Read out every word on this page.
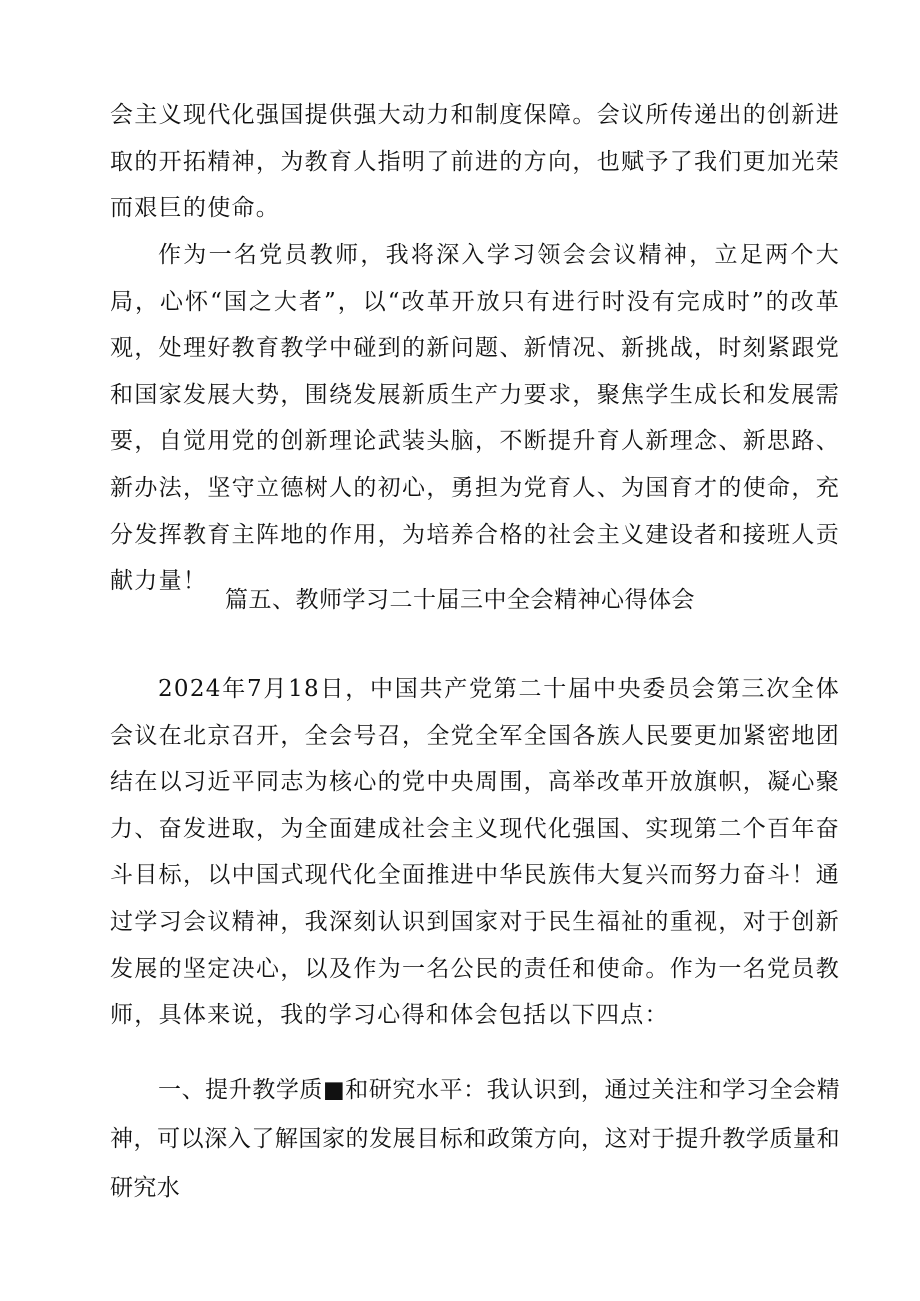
会主义现代化强国提供强大动力和制度保障。会议所传递出的创新进取的开拓精神，为教育人指明了前进的方向，也赋予了我们更加光荣而艰巨的使命。

作为一名党员教师，我将深入学习领会会议精神，立足两个大局，心怀“国之大者”，以“改革开放只有进行时没有完成时”的改革观，处理好教育教学中碰到的新问题、新情况、新挑战，时刻紧跟党和国家发展大势，围绕发展新质生产力要求，聚焦学生成长和发展需要，自觉用党的创新理论武装头脑，不断提升育人新理念、新思路、新办法，坚守立德树人的初心，勇担为党育人、为国育才的使命，充分发挥教育主阵地的作用，为培养合格的社会主义建设者和接班人贡献力量！

篇五、教师学习二十届三中全会精神心得体会

2024年7月18日，中国共产党第二十届中央委员会第三次全体会议在北京召开，全会号召，全党全军全国各族人民要更加紧密地团结在以习近平同志为核心的党中央周围，高举改革开放旗帜，凝心聚力、奋发进取，为全面建成社会主义现代化强国、实现第二个百年奋斗目标，以中国式现代化全面推进中华民族伟大复兴而努力奋斗！通过学习会议精神，我深刻认识到国家对于民生福祉的重视，对于创新发展的坚定决心，以及作为一名公民的责任和使命。作为一名党员教师，具体来说，我的学习心得和体会包括以下四点：

一、提升教学质■和研究水平：我认识到，通过关注和学习全会精神，可以深入了解国家的发展目标和政策方向，这对于提升教学质量和研究水
